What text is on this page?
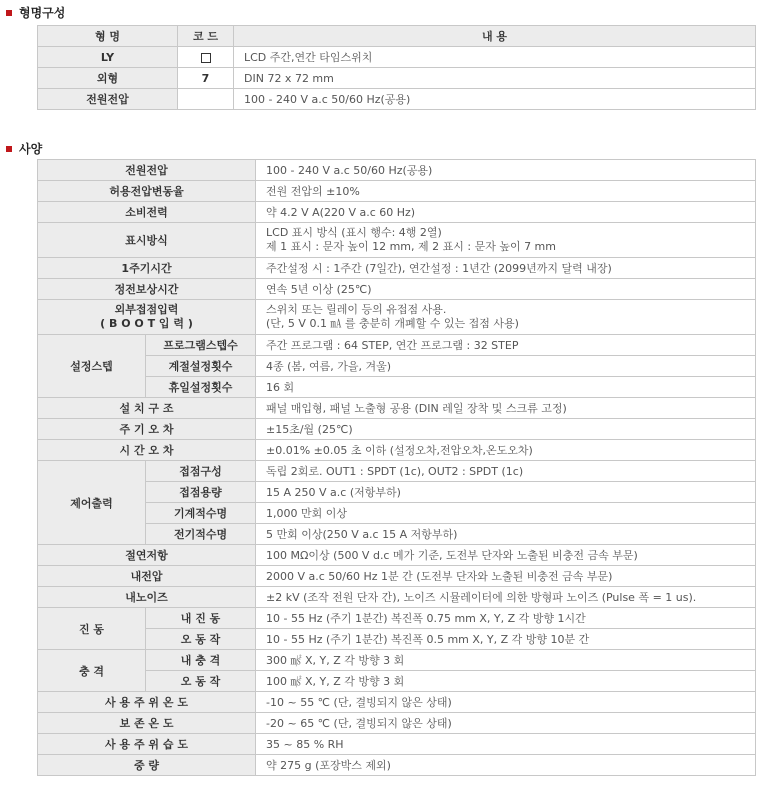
형명구성
형 명	코 드	내 용
LY		LCD 주간,연간 타임스위치
외형	7	DIN 72 x 72 mm
전원전압		100 - 240 V a.c 50/60 Hz(공용)
사양
전원전압		100 - 240 V a.c 50/60 Hz(공용)
허용전압변동율		전원 전압의 ±10%
소비전력		약 4.2 V A(220 V a.c 60 Hz)
표시방식		LCD 표시 방식 (표시 행수: 4행 2열)
제 1 표시 : 문자 높이 12 mm, 제 2 표시 : 문자 높이 7 mm

1주기시간		주간설정 시 : 1주간 (7일간), 연간설정 : 1년간 (2099년까지 달력 내장)
정전보상시간		연속 5년 이상 (25℃)

외부접점입력
( B O O T 입 력 )		스위치 또는 릴레이 등의 유접점 사용.
(단, 5 V 0.1 ㎃ 를 충분히 개폐할 수 있는 접점 사용)

설정스텝	프로그램스텝수	주간 프로그램 : 64 STEP, 연간 프로그램 : 32 STEP
	계절설정횟수	4종 (봄, 여름, 가을, 겨울)
	휴일설정횟수	16 회
설 치 구 조		패널 매입형, 패널 노출형 공용 (DIN 레일 장착 및 스크류 고정)
주 기 오 차		±15초/월 (25℃)
시 간 오 차		±0.01% ±0.05 초 이하 (설정오차,전압오차,온도오차)
제어출력	접점구성	독립 2회로. OUT1 : SPDT (1c), OUT2 : SPDT (1c)
	접점용량	15 A 250 V a.c (저항부하)
	기계적수명	1,000 만회 이상
	전기적수명	5 만회 이상(250 V a.c 15 A 저항부하)
절연저항		100 MΩ이상 (500 V d.c 메가 기준, 도전부 단자와 노출된 비충전 금속 부문)
내전압		2000 V a.c 50/60 Hz 1분 간 (도전부 단자와 노출된 비충전 금속 부문)
내노이즈		±2 kV (조작 전원 단자 간), 노이즈 시뮬레이터에 의한 방형파 노이즈 (Pulse 폭 = 1 us).
진 동	내 진 동	10 - 55 Hz (주기 1분간) 복진폭 0.75 mm X, Y, Z 각 방향 1시간
	오 동 작	10 - 55 Hz (주기 1분간) 복진폭 0.5 mm X, Y, Z 각 방향 10분 간
충 격	내 충 격	300 ㎨ X, Y, Z 각 방향 3 회
	오 동 작	100 ㎨ X, Y, Z 각 방향 3 회
사 용 주 위 온 도		-10 ~ 55 ℃ (단, 결빙되지 않은 상태)
보 존 온 도		-20 ~ 65 ℃ (단, 결빙되지 않은 상태)
사 용 주 위 습 도		35 ~ 85 % RH
중 량		약 275 g (포장박스 제외)
